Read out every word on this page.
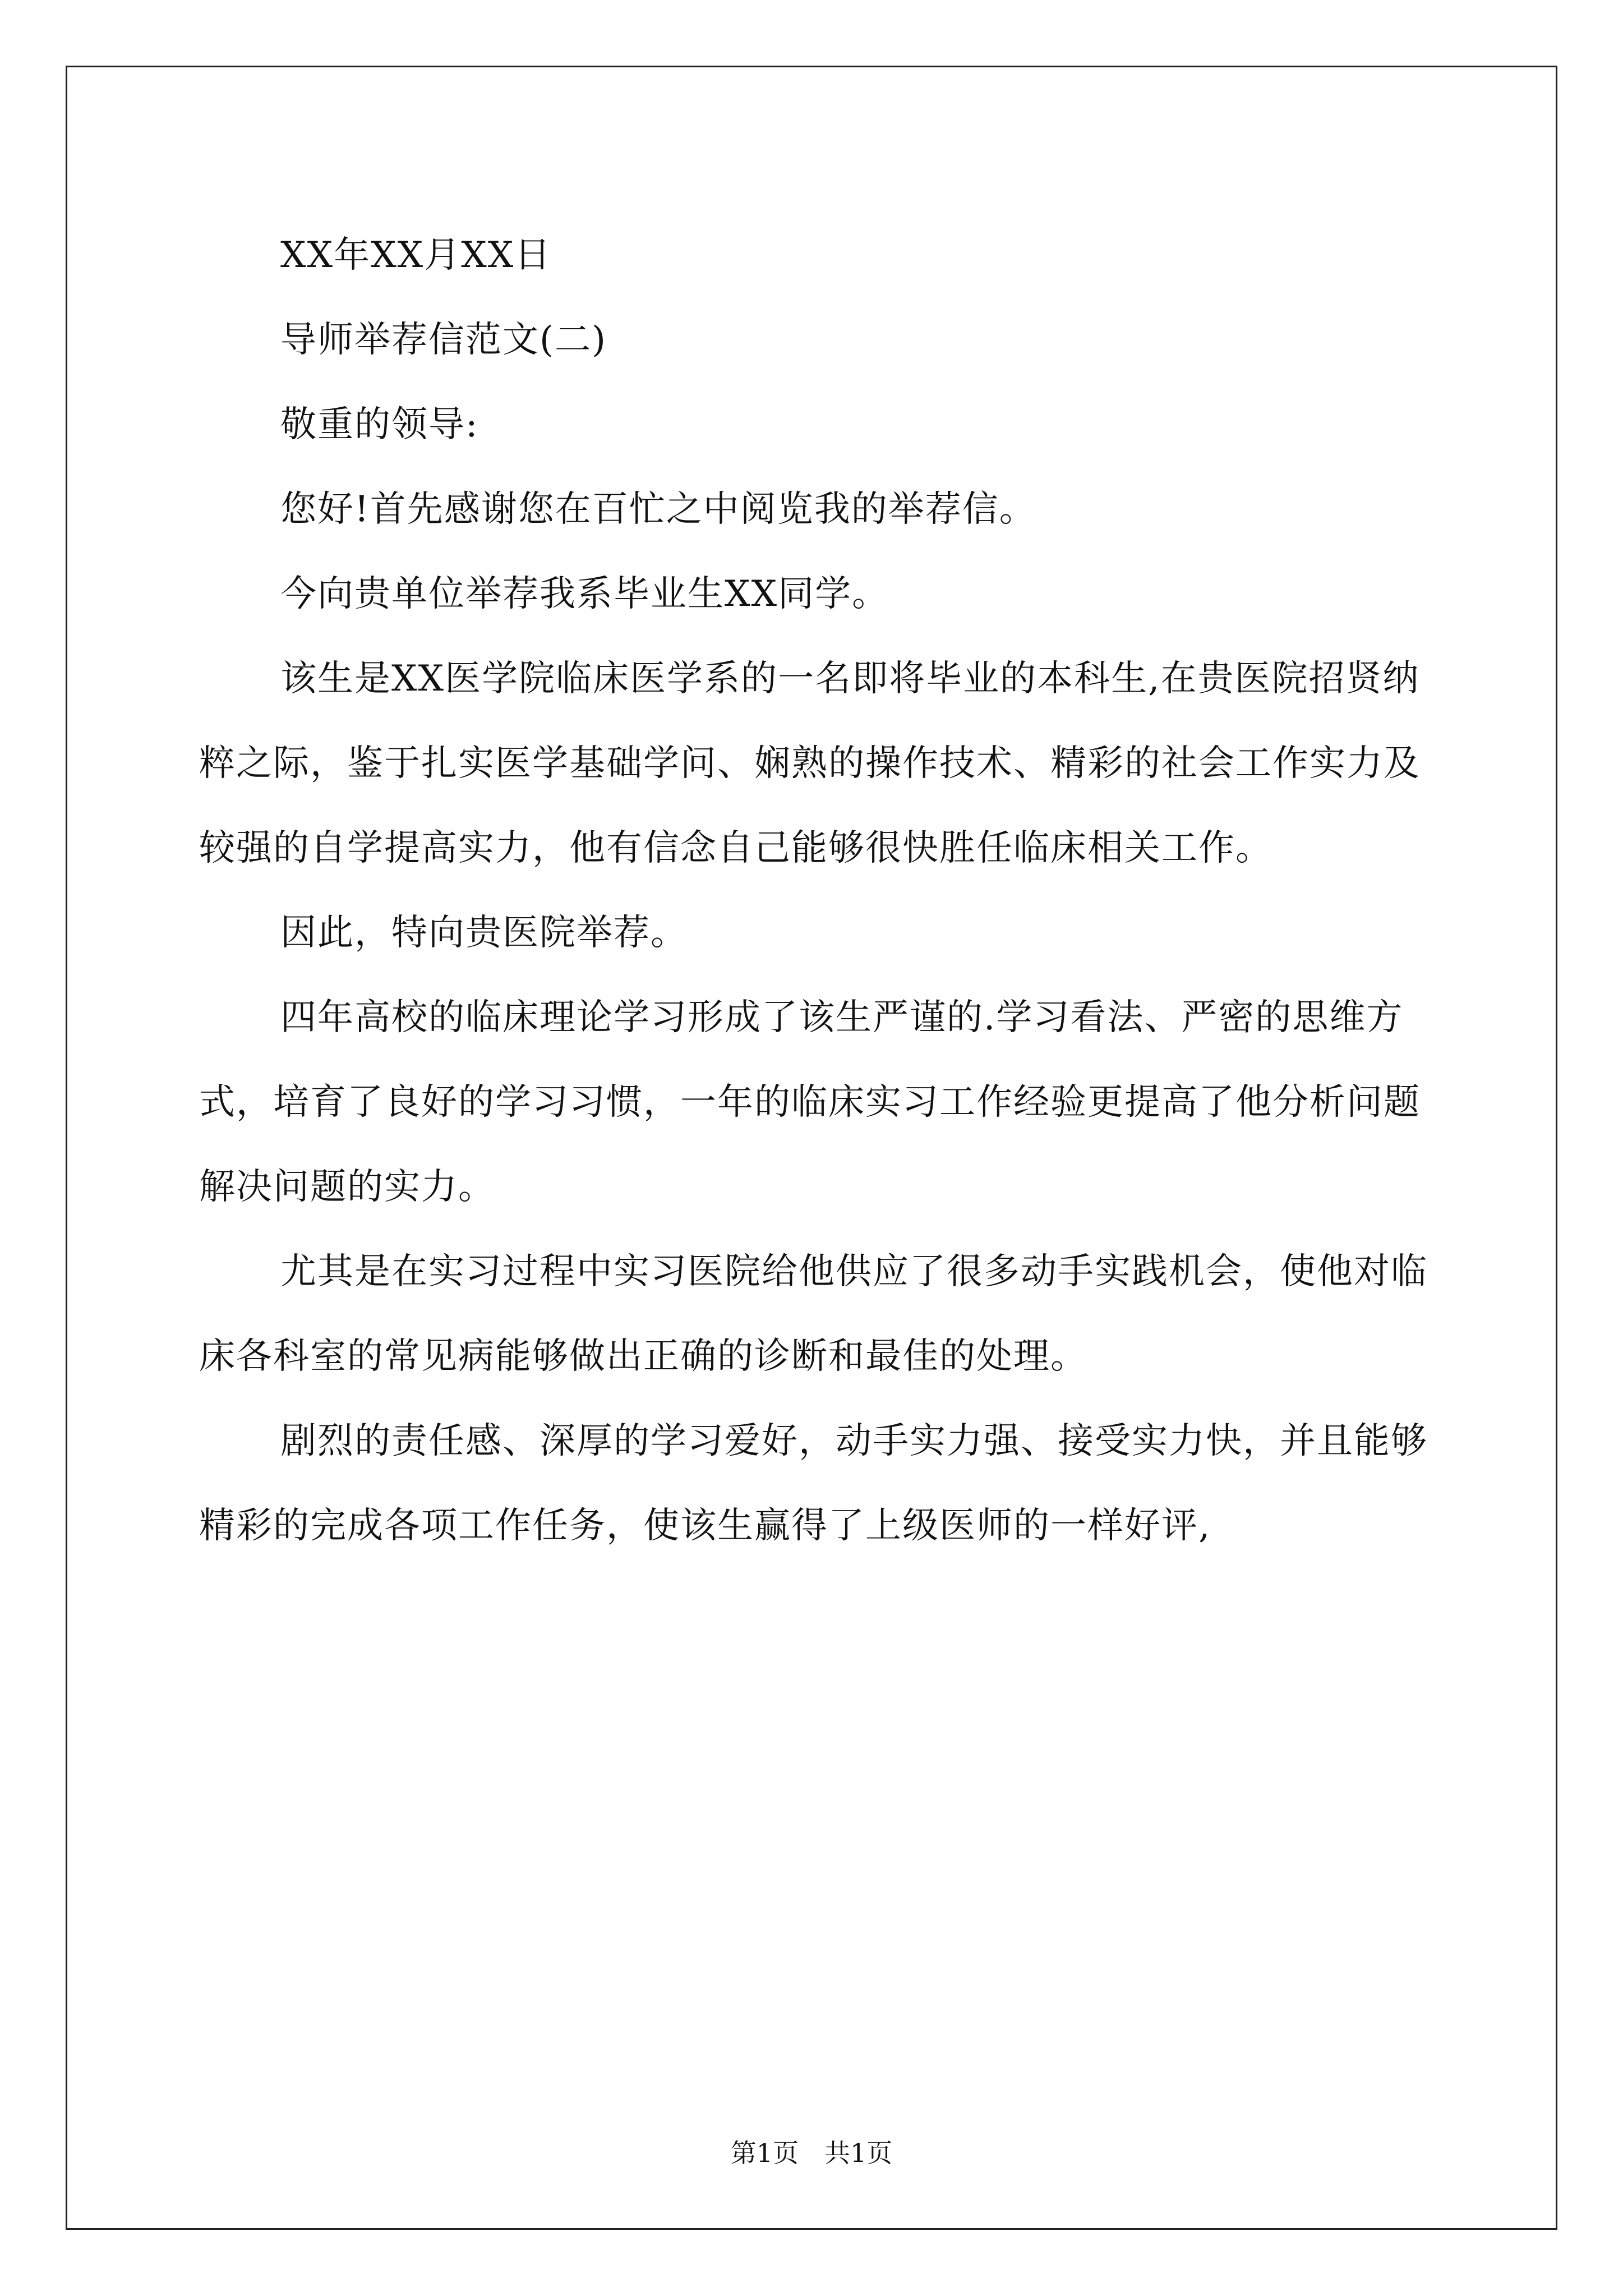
XX年XX月XX日

导师举荐信范文(二)

敬重的领导:

您好!首先感谢您在百忙之中阅览我的举荐信。

今向贵单位举荐我系毕业生XX同学。

该生是XX医学院临床医学系的一名即将毕业的本科生,在贵医院招贤纳粹之际，鉴于扎实医学基础学问、娴熟的操作技术、精彩的社会工作实力及较强的自学提高实力，他有信念自己能够很快胜任临床相关工作。

因此，特向贵医院举荐。

四年高校的临床理论学习形成了该生严谨的.学习看法、严密的思维方式，培育了良好的学习习惯，一年的临床实习工作经验更提高了他分析问题解决问题的实力。

尤其是在实习过程中实习医院给他供应了很多动手实践机会，使他对临床各科室的常见病能够做出正确的诊断和最佳的处理。

剧烈的责任感、深厚的学习爱好，动手实力强、接受实力快，并且能够精彩的完成各项工作任务，使该生赢得了上级医师的一样好评,

第1页　共1页
